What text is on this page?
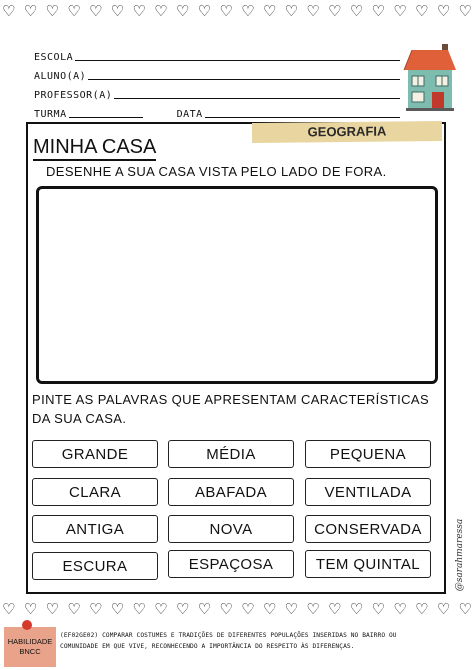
♡ ♡ ♡ ♡ ♡ ♡ ♡ ♡ ♡ ♡ ♡ ♡ ♡ ♡ ♡ ♡ ♡ ♡ ♡ ♡ ♡ ♡
ESCOLA
ALUNO(A)
PROFESSOR(A)
TURMA	DATA
GEOGRAFIA
MINHA CASA
DESENHE A SUA CASA VISTA PELO LADO DE FORA.
PINTE AS PALAVRAS QUE APRESENTAM CARACTERÍSTICAS DA SUA CASA.
GRANDE	MÉDIA	PEQUENA
CLARA	ABAFADA	VENTILADA
ANTIGA	NOVA	CONSERVADA
ESCURA	ESPAÇOSA	TEM QUINTAL	@sarahmaressa
♡ ♡ ♡ ♡ ♡ ♡ ♡ ♡ ♡ ♡ ♡ ♡ ♡ ♡ ♡ ♡ ♡ ♡ ♡ ♡ ♡ ♡
HABILIDADE
BNCC
(EF02GE02) COMPARAR COSTUMES E TRADIÇÕES DE DIFERENTES POPULAÇÕES INSERIDAS NO BAIRRO OU
COMUNIDADE EM QUE VIVE, RECONHECENDO A IMPORTÂNCIA DO RESPEITO ÀS DIFERENÇAS.
